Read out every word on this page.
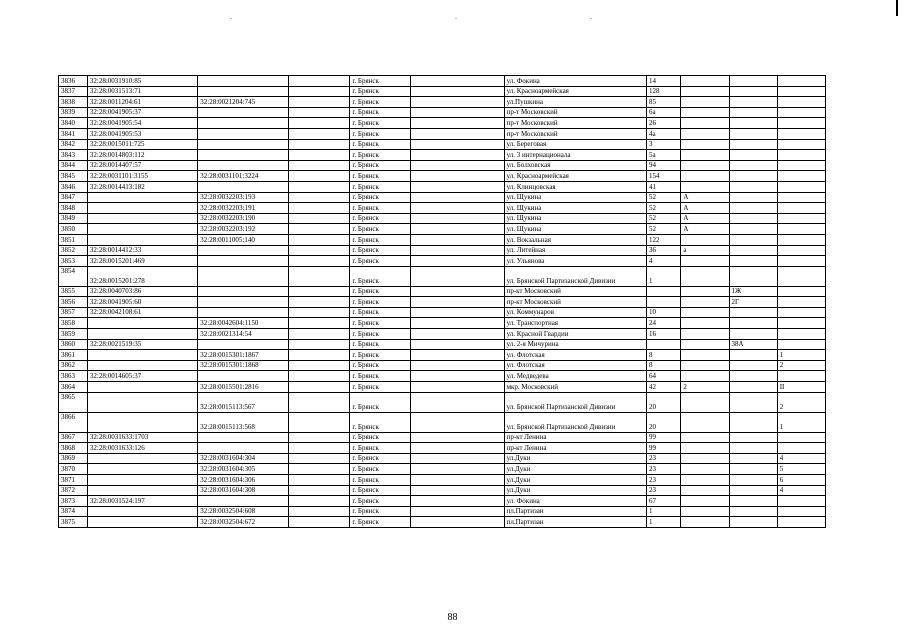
3836	32:28:0031910:85			г. Брянск		ул. Фокина	14			
3837	32:28:0031513:71			г. Брянск		ул. Красноармейская	128			
3838	32:28:0011204:61	32:28:0021204:745		г. Брянск		ул.Пушкина	85			
3839	32:28:0041905:37			г. Брянск		пр-т Московский	6а			
3840	32:28:0041905:54			г. Брянск		пр-т Московский	26			
3841	32:28:0041905:53			г. Брянск		пр-т Московский	4а			
3842	32:28:0015011:725			г. Брянск		ул. Береговая	3			
3843	32:28:0014803:112			г. Брянск		ул. 3 интернационала	5а			
3844	32:28:0014407:57			г. Брянск		ул. Болховская	94			
3845	32:28:0031101:3155	32:28:0031101:3224		г. Брянск		ул. Красноармейская	154			
3846	32:28:0014413:182			г. Брянск		ул. Клинцовская	41			
3847		32:28:0032203:193		г. Брянск		ул. Щукина	52	А		
3848		32:28:0032203:191		г. Брянск		ул. Щукина	52	А		
3849		32:28:0032203:190		г. Брянск		ул. Щукина	52	А		
3850		32:28:0032203:192		г. Брянск		ул. Щукина	52	А		
3851		32:28:0011005:140		г. Брянск		ул. Вокзальная	122			
3852	32:28:0014412:33			г. Брянск		ул. Литейная	36	а		
3853	32:28:0015201:469			г. Брянск		ул. Ульянова	4			
3854	32:28:0015201:278			г. Брянск		ул. Брянской Партизанской Дивизии	1			
3855	32:28:0040703:86			г. Брянск		пр-кт Московский			1Ж	
3856	32:28:0041905:60			г. Брянск		пр-кт Московский			2Г	
3857	32:28:0042108:61			г. Брянск		ул. Коммунаров	10			
3858		32:28:0042604:1150		г. Брянск		ул. Транспортная	24			
3859		32:28:0021314:54		г. Брянск		ул. Красной Гвардии	16			
3860	32:28:0021519:35			г. Брянск		ул. 2-я Мичурина			38А	
3861		32:28:0015301:1867		г. Брянск		ул. Флотская	8			1
3862		32:28:0015301:1868		г. Брянск		ул. Флотская	8			2
3863	32:28:0014605:37			г. Брянск		ул. Медведева	64			
3864		32:28:0015501:2816		г. Брянск		мкр. Московский	42	2		II
3865		32:28:0015113:567		г. Брянск		ул. Брянской Партизанской Дивизии	20			2
3866		32:28:0015113:568		г. Брянск		ул. Брянской Партизанской Дивизии	20			1
3867	32:28:0031633:1703			г. Брянск		пр-кт Ленина	99			
3868	32:28:0031633:126			г. Брянск		пр-кт Ленина	99			
3869		32:28:0031604:304		г. Брянск		ул.Дуки	23			4
3870		32:28:0031604:305		г. Брянск		ул.Дуки	23			5
3871		32:28:0031604:306		г. Брянск		ул.Дуки	23			6
3872		32:28:0031604:308		г. Брянск		ул.Дуки	23			4
3873	32:28:0031524:197			г. Брянск		ул. Фокина	67			
3874		32:28:0032504:608		г. Брянск		пл.Партизан	1			
3875		32:28:0032504:672		г. Брянск		пл.Партизан	1			
88
